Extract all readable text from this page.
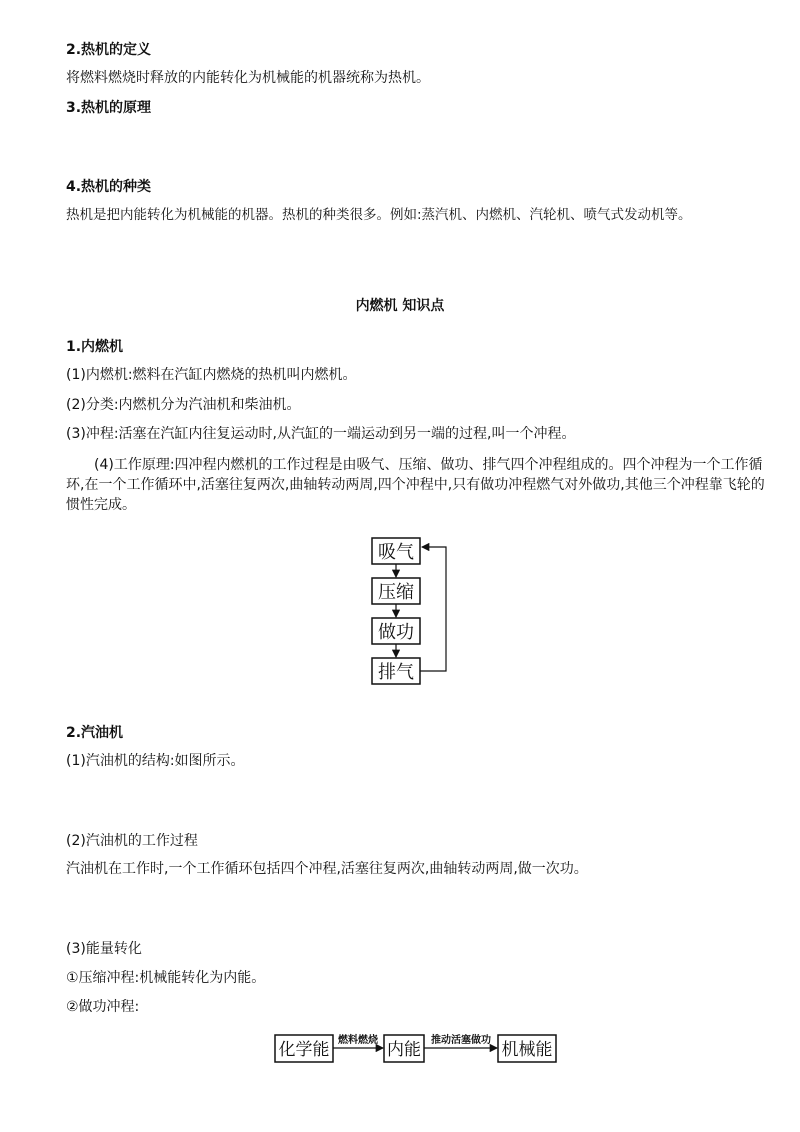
2.热机的定义
将燃料燃烧时释放的内能转化为机械能的机器统称为热机。
3.热机的原理
4.热机的种类
热机是把内能转化为机械能的机器。热机的种类很多。例如:蒸汽机、内燃机、汽轮机、喷气式发动机等。
内燃机 知识点
1.内燃机
(1)内燃机:燃料在汽缸内燃烧的热机叫内燃机。
(2)分类:内燃机分为汽油机和柴油机。
(3)冲程:活塞在汽缸内往复运动时,从汽缸的一端运动到另一端的过程,叫一个冲程。
(4)工作原理:四冲程内燃机的工作过程是由吸气、压缩、做功、排气四个冲程组成的。四个冲程为一个工作循环,在一个工作循环中,活塞往复两次,曲轴转动两周,四个冲程中,只有做功冲程燃气对外做功,其他三个冲程靠飞轮的惯性完成。
吸气
压缩
做功
排气
2.汽油机
(1)汽油机的结构:如图所示。
(2)汽油机的工作过程
汽油机在工作时,一个工作循环包括四个冲程,活塞往复两次,曲轴转动两周,做一次功。
(3)能量转化
①压缩冲程:机械能转化为内能。
②做功冲程:
化学能	内能	机械能
燃料燃烧	推动活塞做功
